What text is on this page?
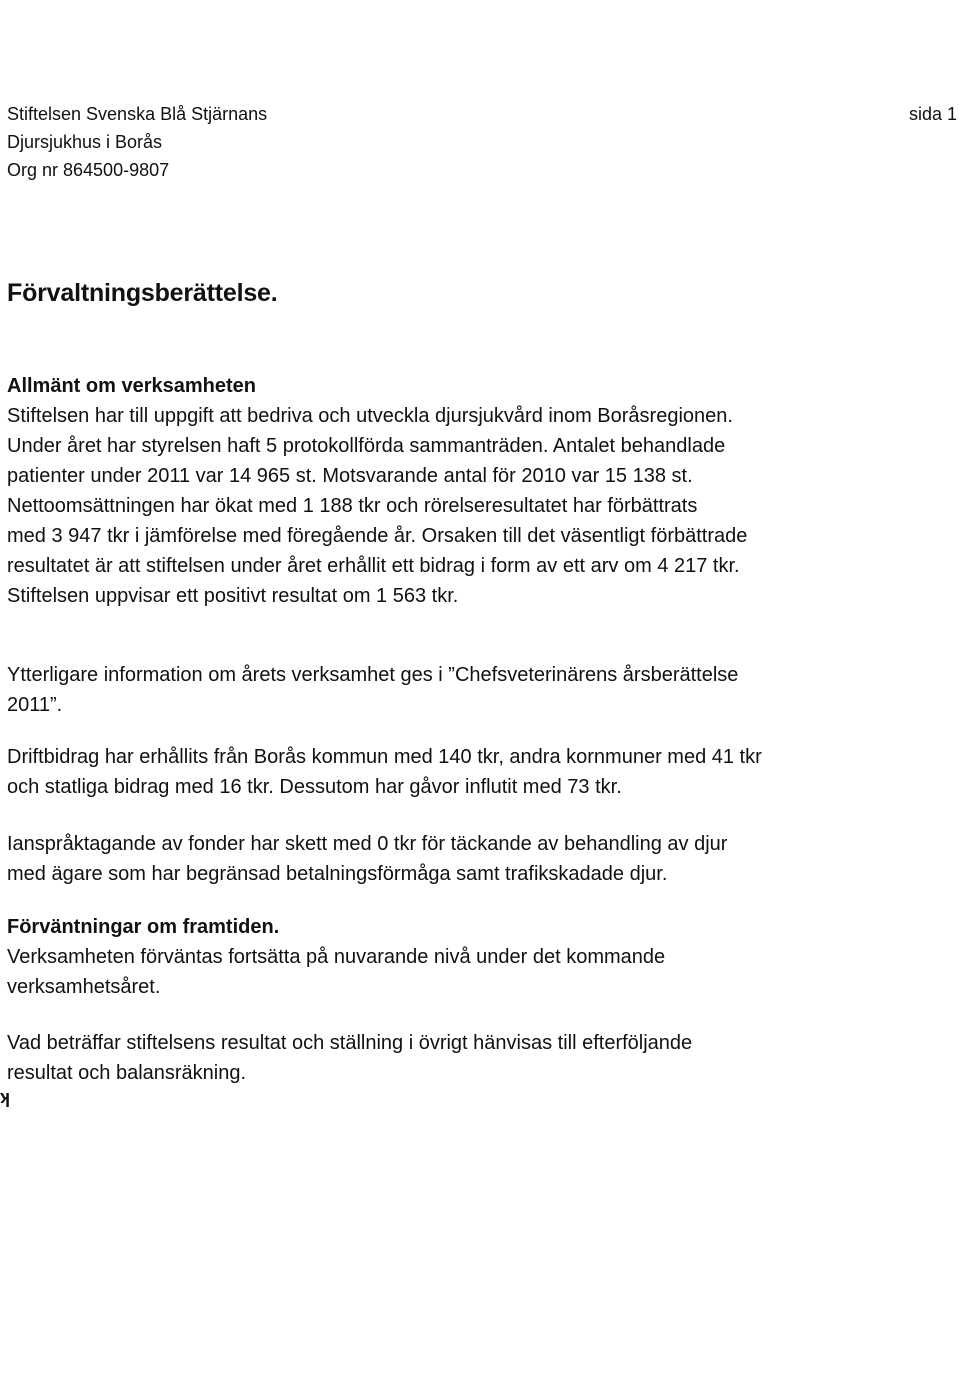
Stiftelsen Svenska Blå Stjärnans
Djursjukhus i Borås
Org nr 864500-9807
sida 1
Förvaltningsberättelse.
Allmänt om verksamheten
Stiftelsen har till uppgift att bedriva och utveckla djursjukvård inom Boråsregionen.
Under året har styrelsen haft 5 protokollförda sammanträden. Antalet behandlade
patienter under 2011 var 14 965 st. Motsvarande antal för 2010 var 15 138 st.
Nettoomsättningen har ökat med 1 188 tkr och rörelseresultatet har förbättrats
med 3 947 tkr i jämförelse med föregående år. Orsaken till det väsentligt förbättrade
resultatet är att stiftelsen under året erhållit ett bidrag i form av ett arv om 4 217 tkr.
Stiftelsen uppvisar ett positivt resultat om 1 563 tkr.
Ytterligare information om årets verksamhet ges i ”Chefsveterinärens årsberättelse
2011”.
Driftbidrag har erhållits från Borås kommun med 140 tkr, andra kornmuner med 41 tkr
och statliga bidrag med 16 tkr. Dessutom har gåvor influtit med 73 tkr.
Ianspråktagande av fonder har skett med 0 tkr för täckande av behandling av djur
med ägare som har begränsad betalningsförmåga samt trafikskadade djur.
Förväntningar om framtiden.
Verksamheten förväntas fortsätta på nuvarande nivå under det kommande
verksamhetsåret.
Vad beträffar stiftelsens resultat och ställning i övrigt hänvisas till efterföljande
resultat och balansräkning.
ʞ
